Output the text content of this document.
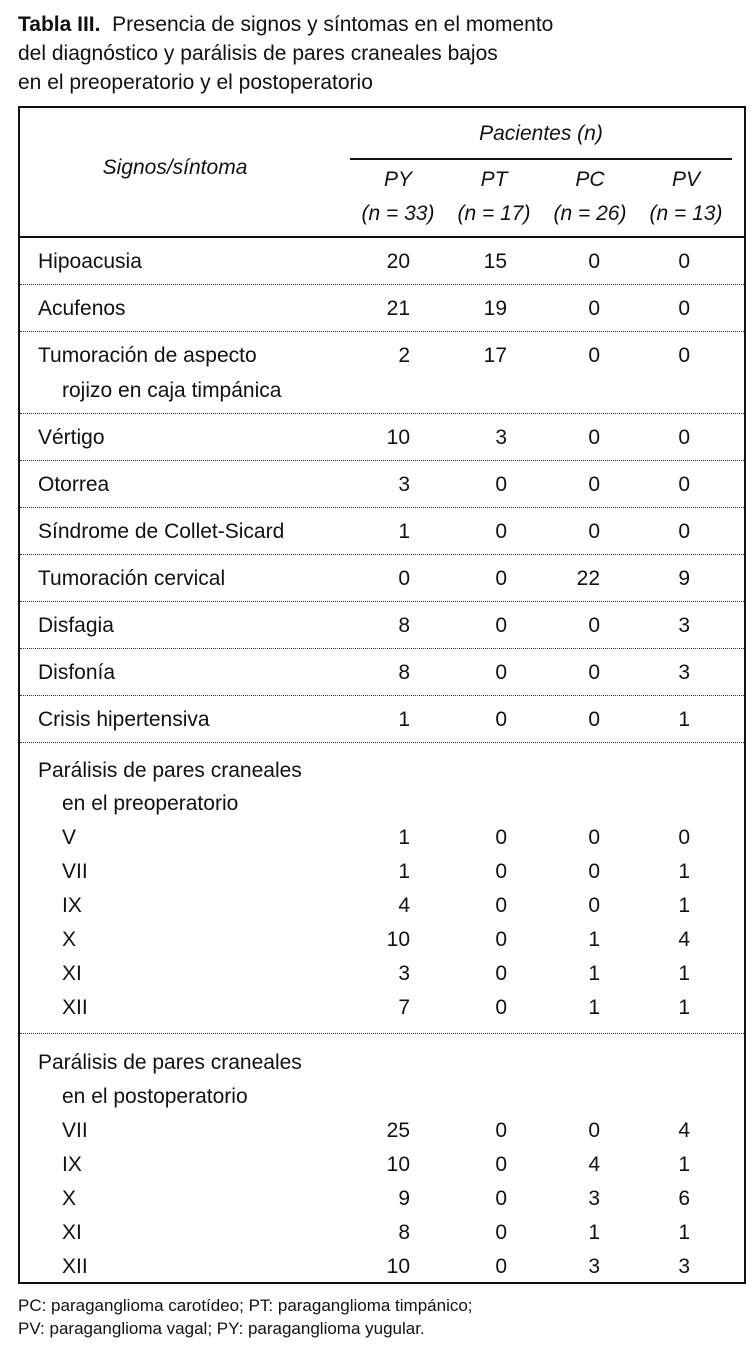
Tabla III. Presencia de signos y síntomas en el momento
del diagnóstico y parálisis de pares craneales bajos
en el preoperatorio y el postoperatorio
Signos/síntoma
Pacientes (n)
PY	PT	PC	PV
(n = 33)	(n = 17)	(n = 26)	(n = 13)
Hipoacusia	20	15	0	0
Acufenos	21	19	0	0
Tumoración de aspecto	2	17	0	0
rojizo en caja timpánica
Vértigo	10	3	0	0
Otorrea	3	0	0	0
Síndrome de Collet-Sicard	1	0	0	0
Tumoración cervical	0	0	22	9
Disfagia	8	0	0	3
Disfonía	8	0	0	3
Crisis hipertensiva	1	0	0	1
Parálisis de pares craneales
en el preoperatorio
V	1	0	0	0
VII	1	0	0	1
IX	4	0	0	1
X	10	0	1	4
XI	3	0	1	1
XII	7	0	1	1
Parálisis de pares craneales
en el postoperatorio
VII	25	0	0	4
IX	10	0	4	1
X	9	0	3	6
XI	8	0	1	1
XII	10	0	3	3
PC: paraganglioma carotídeo; PT: paraganglioma timpánico;
PV: paraganglioma vagal; PY: paraganglioma yugular.
